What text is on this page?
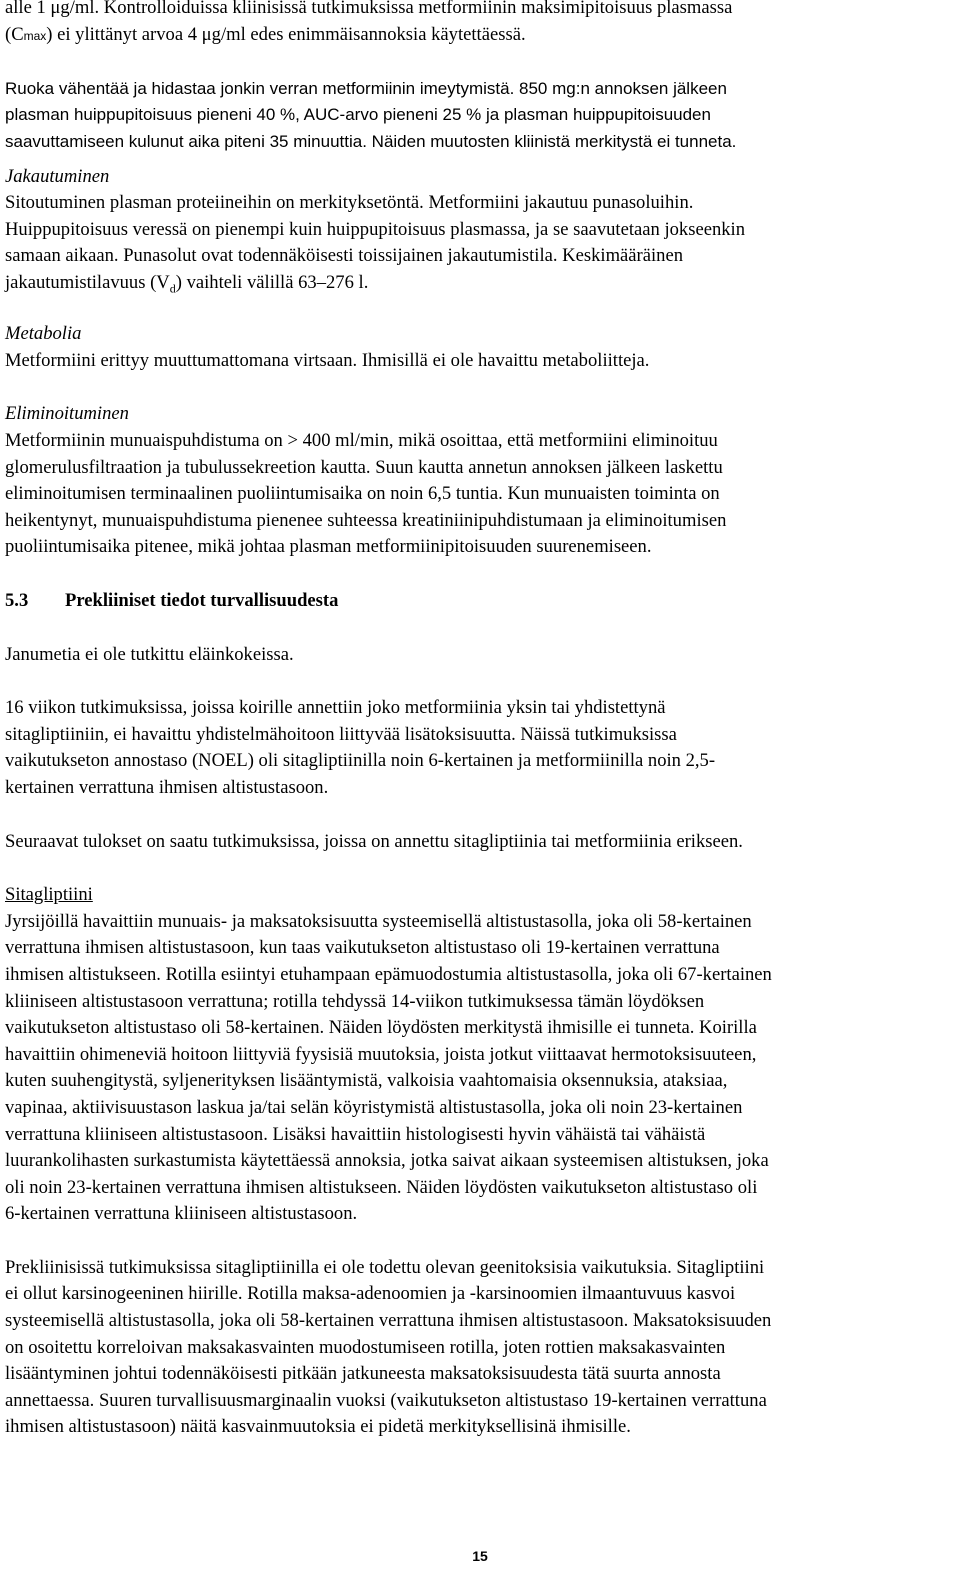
alle 1 μg/ml. Kontrolloiduissa kliinisissä tutkimuksissa metformiinin maksimipitoisuus plasmassa
(Cmax) ei ylittänyt arvoa 4 μg/ml edes enimmäisannoksia käytettäessä.

Ruoka vähentää ja hidastaa jonkin verran metformiinin imeytymistä. 850 mg:n annoksen jälkeen
plasman huippupitoisuus pieneni 40 %, AUC-arvo pieneni 25 % ja plasman huippupitoisuuden
saavuttamiseen kulunut aika piteni 35 minuuttia. Näiden muutosten kliinistä merkitystä ei tunneta.

Jakautuminen

Sitoutuminen plasman proteiineihin on merkityksetöntä. Metformiini jakautuu punasoluihin.
Huippupitoisuus veressä on pienempi kuin huippupitoisuus plasmassa, ja se saavutetaan jokseenkin
samaan aikaan. Punasolut ovat todennäköisesti toissijainen jakautumistila. Keskimääräinen
jakautumistilavuus $(V_d)$ vaihteli välillä 63–276 l.

Metabolia

Metformiini erittyy muuttumattomana virtsaan. Ihmisillä ei ole havaittu metaboliitteja.

Eliminoituminen

Metformiinin munuaispuhdistuma on > 400 ml/min, mikä osoittaa, että metformiini eliminoituu
glomerulusfiltraation ja tubulussekreetion kautta. Suun kautta annetun annoksen jälkeen laskettu
eliminoitumisen terminaalinen puoliintumisaika on noin 6,5 tuntia. Kun munuaisten toiminta on
heikentynyt, munuaispuhdistuma pienenee suhteessa kreatiniinipuhdistumaan ja eliminoitumisen
puoliintumisaika pitenee, mikä johtaa plasman metformiinipitoisuuden suurenemiseen.

5.3 Prekliiniset tiedot turvallisuudesta

Janumetia ei ole tutkittu eläinkokeissa.

16 viikon tutkimuksissa, joissa koirille annettiin joko metformiinia yksin tai yhdistettynä
sitagliptiiniin, ei havaittu yhdistelmähoitoon liittyvää lisätoksisuutta. Näissä tutkimuksissa
vaikutukseton annostaso (NOEL) oli sitagliptiinilla noin 6-kertainen ja metformiinilla noin 2,5-
kertainen verrattuna ihmisen altistustasoon.

Seuraavat tulokset on saatu tutkimuksissa, joissa on annettu sitagliptiinia tai metformiinia erikseen.

Sitagliptiini

Jyrsijöillä havaittiin munuais- ja maksatoksisuutta systeemisellä altistustasolla, joka oli 58-kertainen
verrattuna ihmisen altistustasoon, kun taas vaikutukseton altistustaso oli 19-kertainen verrattuna
ihmisen altistukseen. Rotilla esiintyi etuhampaan epämuodostumia altistustasolla, joka oli 67-kertainen
kliiniseen altistustasoon verrattuna; rotilla tehdyssä 14-viikon tutkimuksessa tämän löydöksen
vaikutukseton altistustaso oli 58-kertainen. Näiden löydösten merkitystä ihmisille ei tunneta. Koirilla
havaittiin ohimeneviä hoitoon liittyviä fyysisiä muutoksia, joista jotkut viittaavat hermotoksisuuteen,
kuten suuhengitystä, syljenerityksen lisääntymistä, valkoisia vaahtomaisia oksennuksia, ataksiaa,
vapinaa, aktiivisuustason laskua ja/tai selän köyristymistä altistustasolla, joka oli noin 23-kertainen
verrattuna kliiniseen altistustasoon. Lisäksi havaittiin histologisesti hyvin vähäistä tai vähäistä
luurankolihasten surkastumista käytettäessä annoksia, jotka saivat aikaan systeemisen altistuksen, joka
oli noin 23-kertainen verrattuna ihmisen altistukseen. Näiden löydösten vaikutukseton altistustaso oli
6-kertainen verrattuna kliiniseen altistustasoon.

Prekliinisissä tutkimuksissa sitagliptiinilla ei ole todettu olevan geenitoksisia vaikutuksia. Sitagliptiini
ei ollut karsinogeeninen hiirille. Rotilla maksa-adenoomien ja -karsinoomien ilmaantuvuus kasvoi
systeemisellä altistustasolla, joka oli 58-kertainen verrattuna ihmisen altistustasoon. Maksatoksisuuden
on osoitettu korreloivan maksakasvainten muodostumiseen rotilla, joten rottien maksakasvainten
lisääntyminen johtui todennäköisesti pitkään jatkuneesta maksatoksisuudesta tätä suurta annosta
annettaessa. Suuren turvallisuusmarginaalin vuoksi (vaikutukseton altistustaso 19-kertainen verrattuna
ihmisen altistustasoon) näitä kasvainmuutoksia ei pidetä merkityksellisinä ihmisille.

15
